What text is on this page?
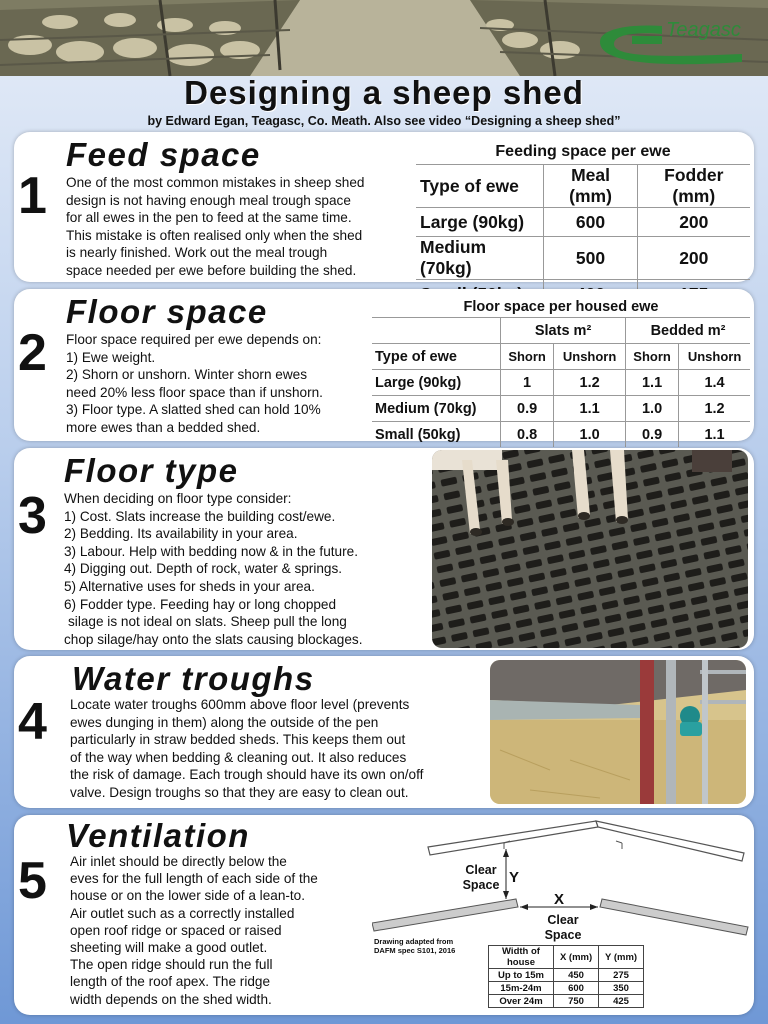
Teagasc
Designing a sheep shed
by Edward Egan, Teagasc, Co. Meath. Also see video “Designing a sheep shed”
1
Feed space
One of the most common mistakes in sheep shed
design is not having enough meal trough space
for all ewes in the pen to feed at the same time.
This mistake is often realised only when the shed
is nearly finished. Work out the meal trough
space needed per ewe before building the shed.
Feeding space per ewe		
Type of ewe	Meal (mm)	Fodder (mm)
Large (90kg)	600	200
Medium (70kg)	500	200

2
Floor space
Floor space required per ewe depends on:
1) Ewe weight.
2) Shorn or unshorn. Winter shorn ewes
need 20% less floor space than if unshorn.
3) Floor type. A slatted shed can hold 10%
more ewes than a bedded shed.
Floor space per housed ewe				
	Slats m²		Bedded m²	
Type of ewe	Shorn	Unshorn	Shorn	Unshorn
Large (90kg)	1	1.2	1.1	1.4
Medium (70kg)	0.9	1.1	1.0	1.2
Small (50kg)	0.8	1.0	0.9	1.1
3
Floor type
When deciding on floor type consider:
1) Cost. Slats increase the building cost/ewe.
2) Bedding. Its availability in your area.
3) Labour. Help with bedding now & in the future.
4) Digging out. Depth of rock, water & springs.
5) Alternative uses for sheds in your area.
6) Fodder type. Feeding hay or long chopped
silage is not ideal on slats. Sheep pull the long
chop silage/hay onto the slats causing blockages.
4
Water troughs
Locate water troughs 600mm above floor level (prevents
ewes dunging in them) along the outside of the pen
particularly in straw bedded sheds. This keeps them out
of the way when bedding & cleaning out. It also reduces
the risk of damage. Each trough should have its own on/off
valve. Design troughs so that they are easy to clean out.
5
Ventilation
Air inlet should be directly below the
eves for the full length of each side of the
house or on the lower side of a lean-to.
Air outlet such as a correctly installed
open roof ridge or spaced or raised
sheeting will make a good outlet.
The open ridge should run the full
length of the roof apex. The ridge
width depends on the shed width.
Clear Space Y
X
Clear Space
Drawing adapted from DAFM spec S101, 2016	Width of house	X (mm)	Y (mm)
Up to 15m	450	275
15m-24m	600	350
Over 24m	750	425
